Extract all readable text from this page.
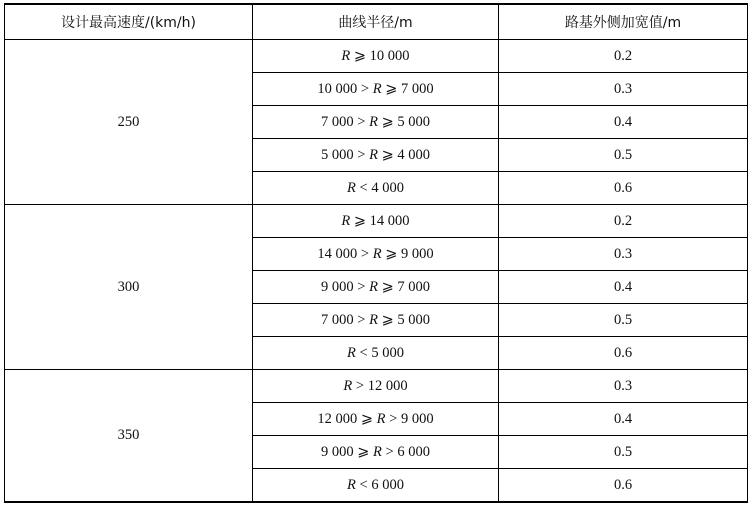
设计最高速度/(km/h)	曲线半径/m	路基外侧加宽值/m
250	R ⩾ 10 000	0.2
	10 000 > R ⩾ 7 000	0.3
	7 000 > R ⩾ 5 000	0.4
	5 000 > R ⩾ 4 000	0.5
	R < 4 000	0.6
300	R ⩾ 14 000	0.2
	14 000 > R ⩾ 9 000	0.3
	9 000 > R ⩾ 7 000	0.4
	7 000 > R ⩾ 5 000	0.5
	R < 5 000	0.6
350	R > 12 000	0.3
	12 000 ⩾ R > 9 000	0.4
	9 000 ⩾ R > 6 000	0.5
	R < 6 000	0.6
